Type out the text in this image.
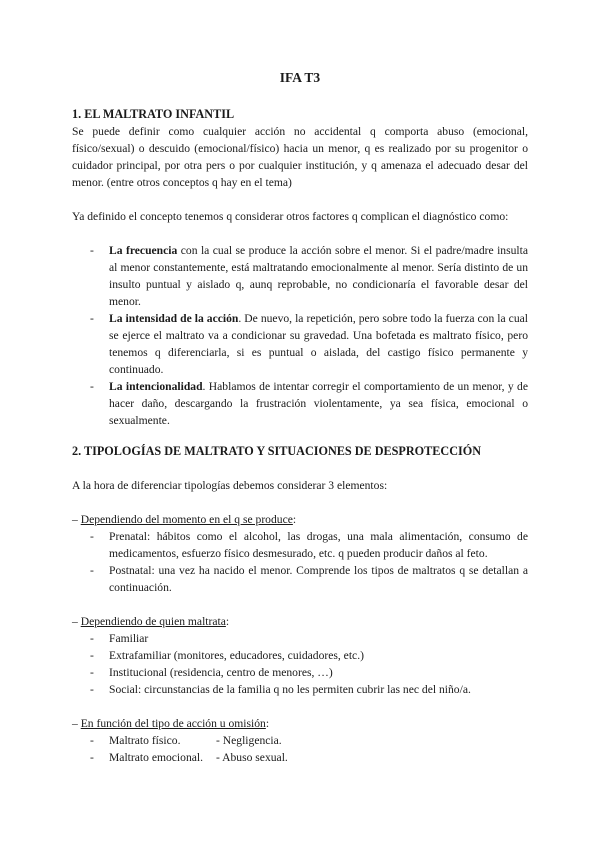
IFA T3
1. EL MALTRATO INFANTIL

Se puede definir como cualquier acción no accidental q comporta abuso (emocional, físico/sexual) o descuido (emocional/físico) hacia un menor, q es realizado por su progenitor o cuidador principal, por otra pers o por cualquier institución, y q amenaza el adecuado desar del menor. (entre otros conceptos q hay en el tema)

Ya definido el concepto tenemos q considerar otros factores q complican el diagnóstico como:

- La frecuencia con la cual se produce la acción sobre el menor. Si el padre/madre insulta al menor constantemente, está maltratando emocionalmente al menor. Sería distinto de un insulto puntual y aislado q, aunq reprobable, no condicionaría el favorable desar del menor.
- La intensidad de la acción. De nuevo, la repetición, pero sobre todo la fuerza con la cual se ejerce el maltrato va a condicionar su gravedad. Una bofetada es maltrato físico, pero tenemos q diferenciarla, si es puntual o aislada, del castigo físico permanente y continuado.
- La intencionalidad. Hablamos de intentar corregir el comportamiento de un menor, y de hacer daño, descargando la frustración violentamente, ya sea física, emocional o sexualmente.
2. TIPOLOGÍAS DE MALTRATO Y SITUACIONES DE DESPROTECCIÓN

A la hora de diferenciar tipologías debemos considerar 3 elementos:

– Dependiendo del momento en el q se produce:

- Prenatal: hábitos como el alcohol, las drogas, una mala alimentación, consumo de medicamentos, esfuerzo físico desmesurado, etc. q pueden producir daños al feto.
- Postnatal: una vez ha nacido el menor. Comprende los tipos de maltratos q se detallan a continuación.

– Dependiendo de quien maltrata:

- Familiar
- Extrafamiliar (monitores, educadores, cuidadores, etc.)
- Institucional (residencia, centro de menores, …)
- Social: circunstancias de la familia q no les permiten cubrir las nec del niño/a.

– En función del tipo de acción u omisión:

- Maltrato físico.	- Negligencia.
- Maltrato emocional. - Abuso sexual.
